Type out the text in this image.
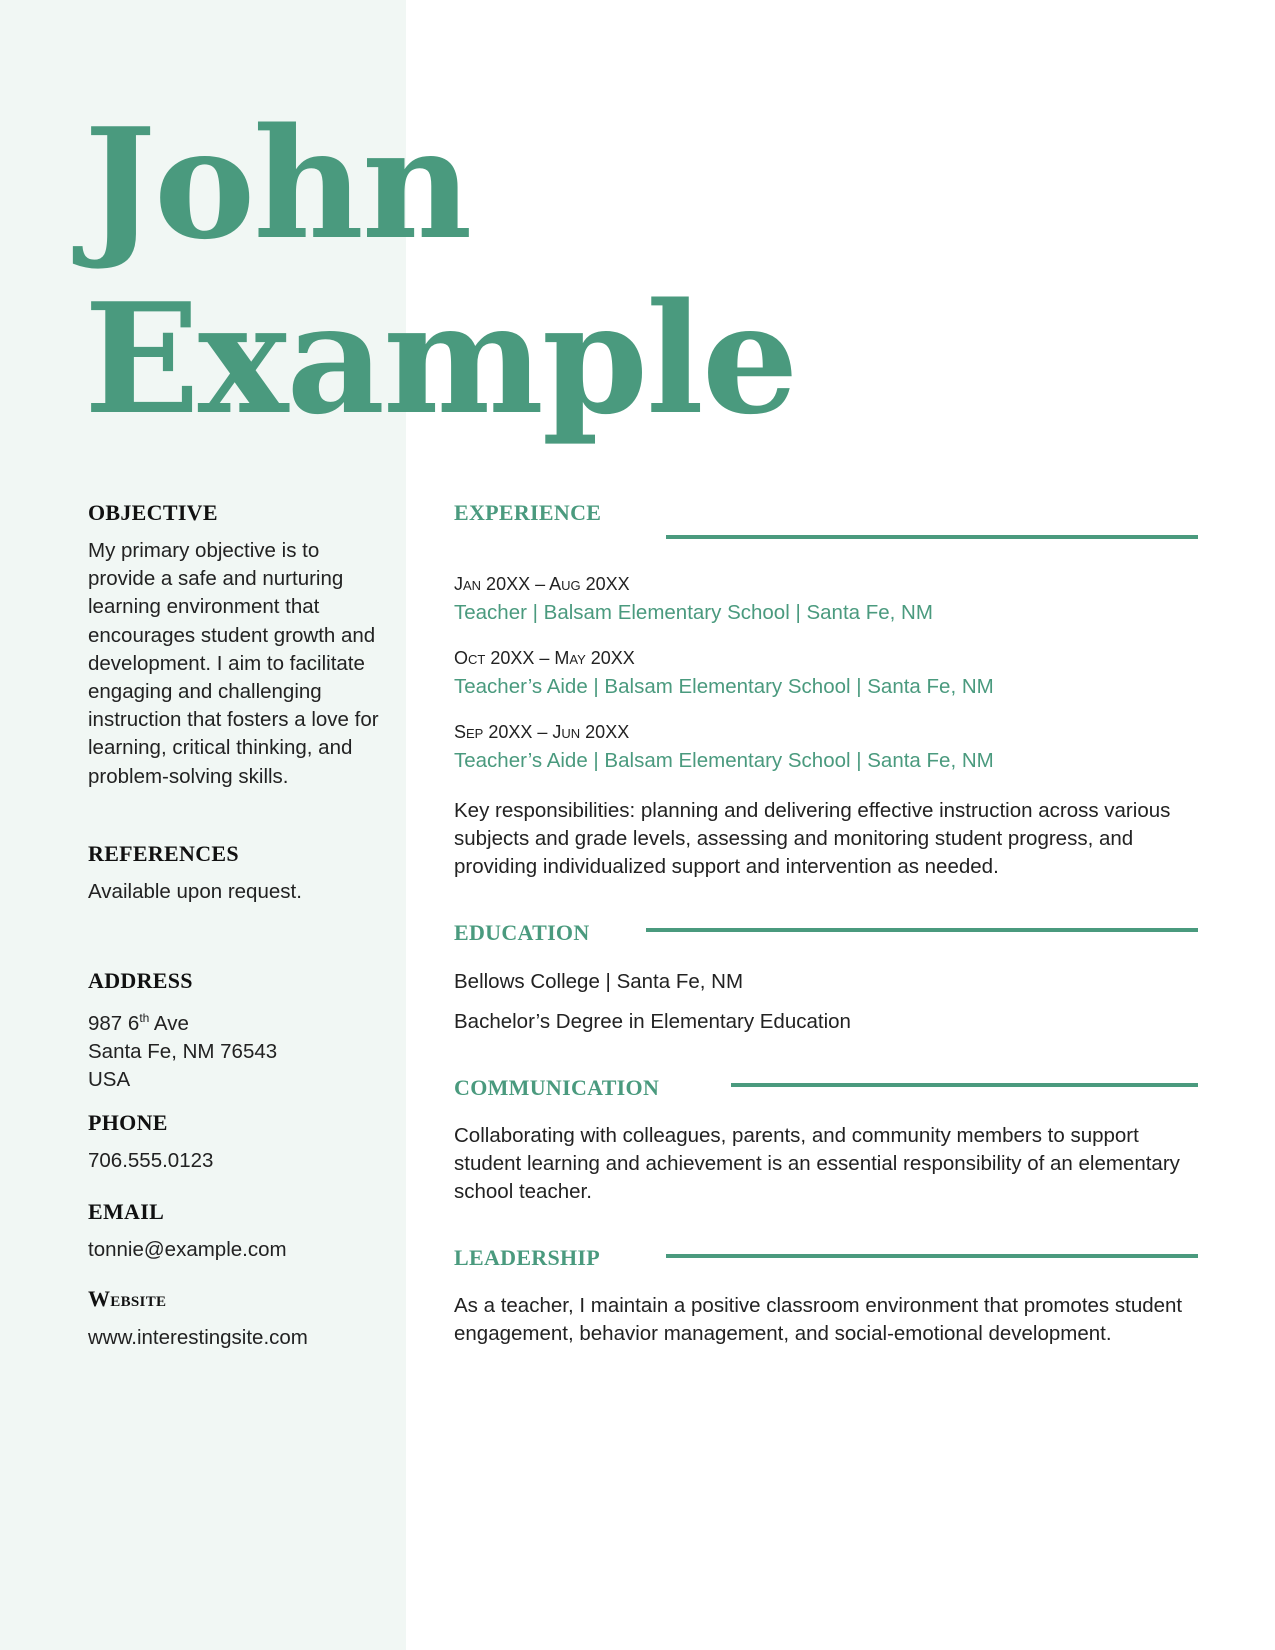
John
Example
OBJECTIVE
My primary objective is to provide a safe and nurturing learning environment that encourages student growth and development. I aim to facilitate engaging and challenging instruction that fosters a love for learning, critical thinking, and problem-solving skills.
REFERENCES
Available upon request.
ADDRESS
987 6th Ave
Santa Fe, NM 76543
USA
PHONE
706.555.0123
EMAIL
tonnie@example.com
Website
www.interestingsite.com
EXPERIENCE
Jan 20XX – Aug 20XX
Teacher | Balsam Elementary School | Santa Fe, NM
Oct 20XX – May 20XX
Teacher’s Aide | Balsam Elementary School | Santa Fe, NM
Sep 20XX – Jun 20XX
Teacher’s Aide | Balsam Elementary School | Santa Fe, NM
Key responsibilities: planning and delivering effective instruction across various subjects and grade levels, assessing and monitoring student progress, and providing individualized support and intervention as needed.
EDUCATION
Bellows College | Santa Fe, NM
Bachelor’s Degree in Elementary Education
COMMUNICATION
Collaborating with colleagues, parents, and community members to support student learning and achievement is an essential responsibility of an elementary school teacher.
LEADERSHIP
As a teacher, I maintain a positive classroom environment that promotes student engagement, behavior management, and social-emotional development.
